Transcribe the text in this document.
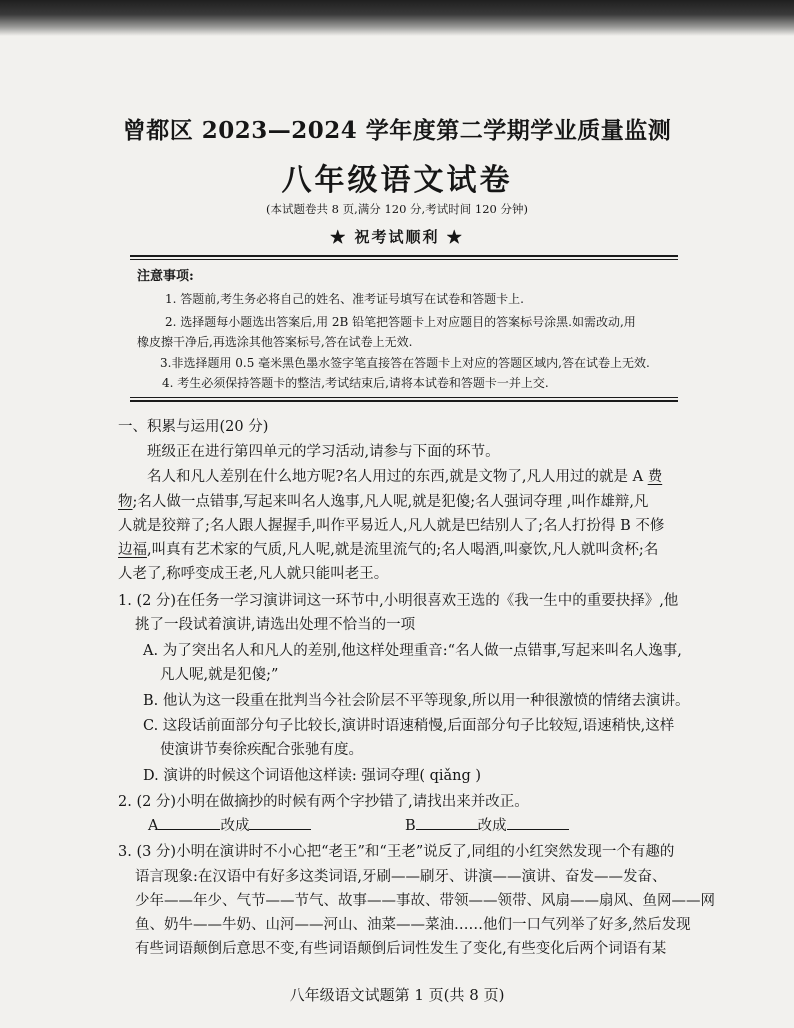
曾都区 2023—2024 学年度第二学期学业质量监测
八年级语文试卷
(本试题卷共 8 页,满分 120 分,考试时间 120 分钟)
★ 祝考试顺利 ★
注意事项:
1. 答题前,考生务必将自己的姓名、准考证号填写在试卷和答题卡上.
2. 选择题每小题选出答案后,用 2B 铅笔把答题卡上对应题目的答案标号涂黑.如需改动,用
橡皮擦干净后,再选涂其他答案标号,答在试卷上无效.
3.非选择题用 0.5 毫米黑色墨水签字笔直接答在答题卡上对应的答题区域内,答在试卷上无效.
4. 考生必须保持答题卡的整洁,考试结束后,请将本试卷和答题卡一并上交.
一、积累与运用(20 分)
班级正在进行第四单元的学习活动,请参与下面的环节。
名人和凡人差别在什么地方呢?名人用过的东西,就是文物了,凡人用过的就是 A 费
物;名人做一点错事,写起来叫名人逸事,凡人呢,就是犯傻;名人强词夺理 ,叫作雄辩,凡
人就是狡辩了;名人跟人握握手,叫作平易近人,凡人就是巴结别人了;名人打扮得 B 不修
边福,叫真有艺术家的气质,凡人呢,就是流里流气的;名人喝酒,叫豪饮,凡人就叫贪杯;名
人老了,称呼变成王老,凡人就只能叫老王。
1. (2 分)在任务一学习演讲词这一环节中,小明很喜欢王选的《我一生中的重要抉择》,他
挑了一段试着演讲,请选出处理不恰当的一项
A. 为了突出名人和凡人的差别,他这样处理重音:“名人做一点错事,写起来叫名人逸事,
凡人呢,就是犯傻;”
B. 他认为这一段重在批判当今社会阶层不平等现象,所以用一种很激愤的情绪去演讲。
C. 这段话前面部分句子比较长,演讲时语速稍慢,后面部分句子比较短,语速稍快,这样
使演讲节奏徐疾配合张驰有度。
D. 演讲的时候这个词语他这样读: 强词夺理( qiǎng )
2. (2 分)小明在做摘抄的时候有两个字抄错了,请找出来并改正。
A	改成	B	改成
3. (3 分)小明在演讲时不小心把“老王”和“王老”说反了,同组的小红突然发现一个有趣的
语言现象:在汉语中有好多这类词语,牙刷——刷牙、讲演——演讲、奋发——发奋、
少年——年少、气节——节气、故事——事故、带领——领带、风扇——扇风、鱼网——网
鱼、奶牛——牛奶、山河——河山、油菜——菜油……他们一口气列举了好多,然后发现
有些词语颠倒后意思不变,有些词语颠倒后词性发生了变化,有些变化后两个词语有某
八年级语文试题第 1 页(共 8 页)
